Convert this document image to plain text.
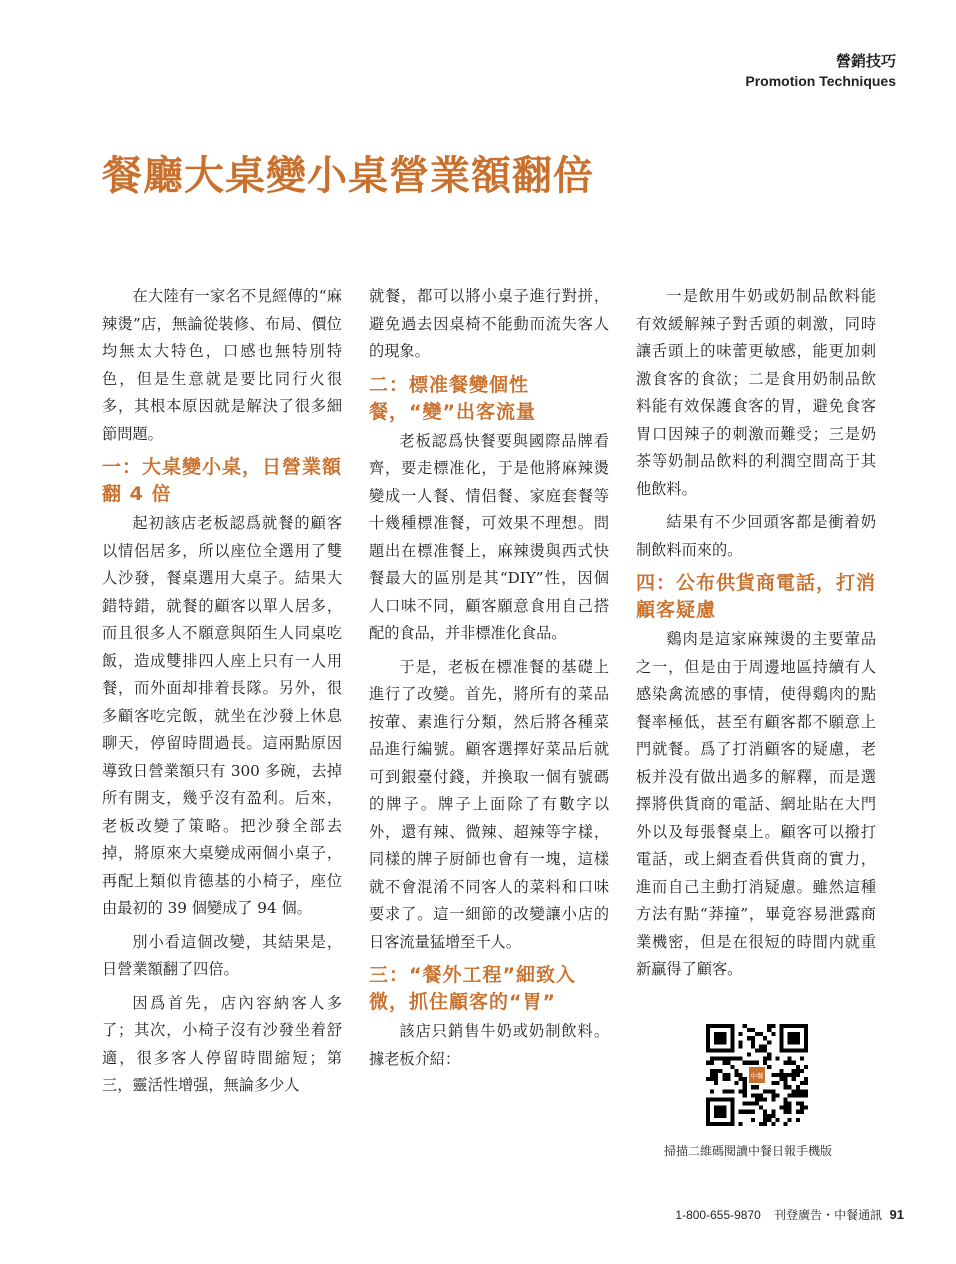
營銷技巧
Promotion Techniques
餐廳大桌變小桌營業額翻倍

在大陸有一家名不見經傳的“麻辣燙”店，無論從裝修、布局、價位均無太大特色，口感也無特別特色，但是生意就是要比同行火很多，其根本原因就是解決了很多細節問題。

一：大桌變小桌，日營業額翻 4 倍

起初該店老板認爲就餐的顧客以情侶居多，所以座位全選用了雙人沙發，餐桌選用大桌子。結果大錯特錯，就餐的顧客以單人居多，而且很多人不願意與陌生人同桌吃飯，造成雙排四人座上只有一人用餐，而外面却排着長隊。另外，很多顧客吃完飯，就坐在沙發上休息聊天，停留時間過長。這兩點原因導致日營業額只有 300 多碗，去掉所有開支，幾乎沒有盈利。后來，老板改變了策略。把沙發全部去掉，將原來大桌變成兩個小桌子，再配上類似肯德基的小椅子，座位由最初的 39 個變成了 94 個。

別小看這個改變，其結果是，日營業額翻了四倍。

因爲首先，店內容納客人多了；其次，小椅子沒有沙發坐着舒適，很多客人停留時間縮短；第三，靈活性增强，無論多少人

就餐，都可以將小桌子進行對拼，避免過去因桌椅不能動而流失客人的現象。

二：標准餐變個性餐，“變”出客流量

老板認爲快餐要與國際品牌看齊，要走標准化，于是他將麻辣燙變成一人餐、情侣餐、家庭套餐等十幾種標准餐，可效果不理想。問題出在標准餐上，麻辣燙與西式快餐最大的區別是其“DIY”性，因個人口味不同，顧客願意食用自己搭配的食品，并非標准化食品。

于是，老板在標准餐的基礎上進行了改變。首先，將所有的菜品按葷、素進行分類，然后將各種菜品進行編號。顧客選擇好菜品后就可到銀臺付錢，并換取一個有號碼的牌子。牌子上面除了有數字以外，還有辣、微辣、超辣等字樣，同樣的牌子厨師也會有一塊，這樣就不會混淆不同客人的菜料和口味要求了。這一細節的改變讓小店的日客流量猛增至千人。

三：“餐外工程”細致入微，抓住顧客的“胃”

該店只銷售牛奶或奶制飲料。據老板介紹：

一是飲用牛奶或奶制品飲料能有效緩解辣子對舌頭的刺激，同時讓舌頭上的味蕾更敏感，能更加刺激食客的食欲；二是食用奶制品飲料能有效保護食客的胃，避免食客胃口因辣子的刺激而難受；三是奶茶等奶制品飲料的利潤空間高于其他飲料。

結果有不少回頭客都是衝着奶制飲料而來的。

四：公布供貨商電話，打消顧客疑慮

鷄肉是這家麻辣燙的主要葷品之一，但是由于周邊地區持續有人感染禽流感的事情，使得鷄肉的點餐率極低，甚至有顧客都不願意上門就餐。爲了打消顧客的疑慮，老板并没有做出過多的解釋，而是選擇將供貨商的電話、網址貼在大門外以及每張餐桌上。顧客可以撥打電話，或上網查看供貨商的實力，進而自己主動打消疑慮。雖然這種方法有點“莽撞”，畢竟容易泄露商業機密，但是在很短的時間内就重新贏得了顧客。

中餐
掃描二維碼閱讀中餐日報手機版
1-800-655-9870 刊登廣告・中餐通訊 91
